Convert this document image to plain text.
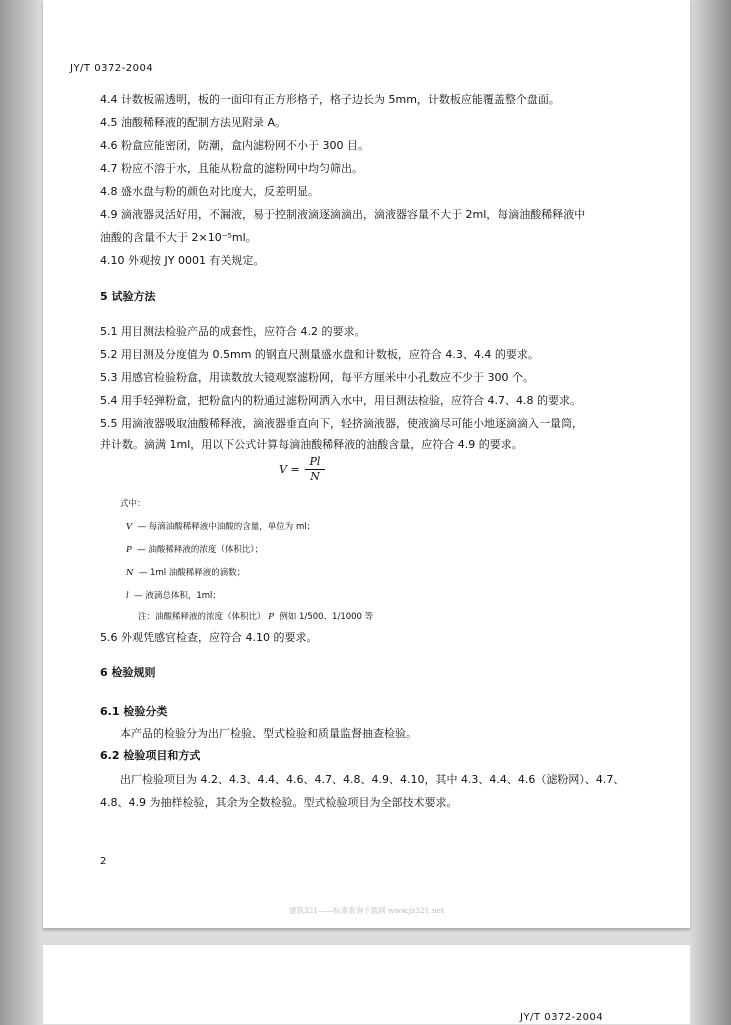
JY/T 0372-2004
4.4 计数板需透明，板的一面印有正方形格子，格子边长为 5mm，计数板应能覆盖整个盘面。
4.5 油酸稀释液的配制方法见附录 A。
4.6 粉盒应能密闭，防潮，盒内滤粉网不小于 300 目。
4.7 粉应不溶于水，且能从粉盒的滤粉网中均匀筛出。
4.8 盛水盘与粉的颜色对比度大，反差明显。
4.9 滴液器灵活好用，不漏液，易于控制液滴逐滴滴出，滴液器容量不大于 2ml，每滴油酸稀释液中
油酸的含量不大于 2×10⁻⁵ml。
4.10 外观按 JY 0001 有关规定。
5 试验方法
5.1 用目测法检验产品的成套性，应符合 4.2 的要求。
5.2 用目测及分度值为 0.5mm 的钢直尺测量盛水盘和计数板，应符合 4.3、4.4 的要求。
5.3 用感官检验粉盒，用读数放大镜观察滤粉网，每平方厘米中小孔数应不少于 300 个。
5.4 用手轻弹粉盒，把粉盒内的粉通过滤粉网洒入水中，用目测法检验，应符合 4.7、4.8 的要求。
5.5 用滴液器吸取油酸稀释液，滴液器垂直向下，轻挤滴液器，使液滴尽可能小地逐滴滴入一量筒，
并计数。滴满 1ml，用以下公式计算每滴油酸稀释液的油酸含量，应符合 4.9 的要求。
V =
Pl
N
式中：
V — 每滴油酸稀释液中油酸的含量，单位为 ml；
P — 油酸稀释液的浓度（体积比）；
N — 1ml 油酸稀释液的滴数；
l — 液滴总体积，1ml；
注：油酸稀释液的浓度（体积比） P 例如 1/500、1/1000 等
5.6 外观凭感官检查，应符合 4.10 的要求。
6 检验规则
6.1 检验分类
本产品的检验分为出厂检验、型式检验和质量监督抽查检验。
6.2 检验项目和方式
出厂检验项目为 4.2、4.3、4.4、4.6、4.7、4.8、4.9、4.10，其中 4.3、4.4、4.6（滤粉网）、4.7、
4.8、4.9 为抽样检验，其余为全数检验。型式检验项目为全部技术要求。
2
建筑321——标准查询下载网 www.jz321.net
JY/T 0372-2004
